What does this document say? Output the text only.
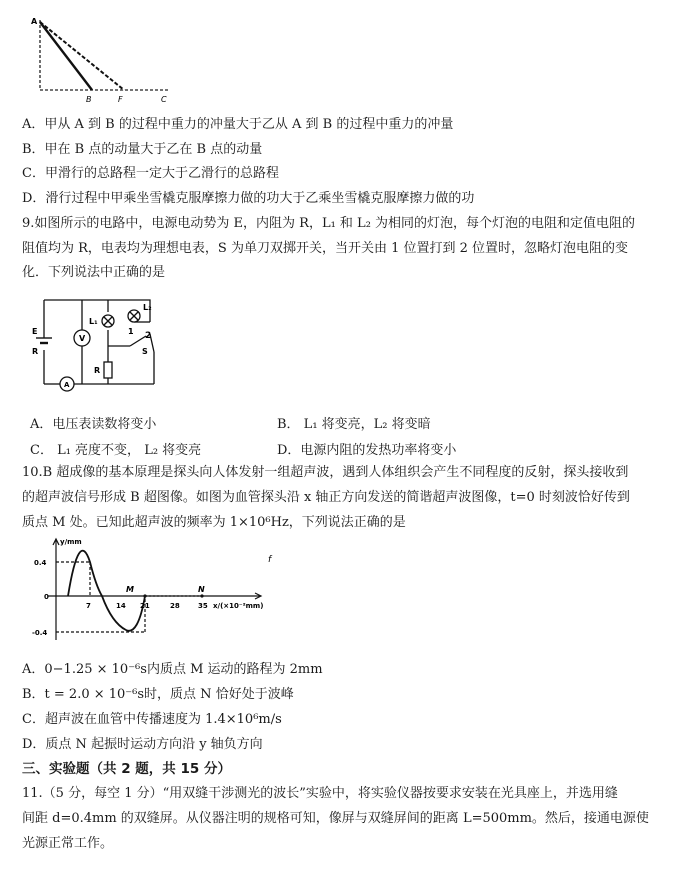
A
B	F	C
A．甲从 A 到 B 的过程中重力的冲量大于乙从 A 到 B 的过程中重力的冲量
B．甲在 B 点的动量大于乙在 B 点的动量
C．甲滑行的总路程一定大于乙滑行的总路程
D．滑行过程中甲乘坐雪橇克服摩擦力做的功大于乙乘坐雪橇克服摩擦力做的功
9.如图所示的电路中，电源电动势为 E，内阻为 R，L₁ 和 L₂ 为相同的灯泡，每个灯泡的电阻和定值电阻的
阻值均为 R，电表均为理想电表，S 为单刀双掷开关，当开关由 1 位置打到 2 位置时，忽略灯泡电阻的变
化．下列说法中正确的是
E
R
V
A
L₁
L₂
R
1 2
S
A．电压表读数将变小	B． L₁ 将变亮，L₂ 将变暗
C． L₁ 亮度不变， L₂ 将变亮	D．电源内阻的发热功率将变小
10.B 超成像的基本原理是探头向人体发射一组超声波，遇到人体组织会产生不同程度的反射，探头接收到
的超声波信号形成 B 超图像。如图为血管探头沿 x 轴正方向发送的简谐超声波图像，t=0 时刻波恰好传到
质点 M 处。已知此超声波的频率为 1×10⁶Hz，下列说法正确的是
y/mm
x/(×10⁻²mm)
0.4
0
-0.4
7	14 21	28	35
M	N
f
A．0−1.25 × 10⁻⁶s内质点 M 运动的路程为 2mm
B．t = 2.0 × 10⁻⁶s时，质点 N 恰好处于波峰
C．超声波在血管中传播速度为 1.4×10⁶m/s
D．质点 N 起振时运动方向沿 y 轴负方向
三、实验题（共 2 题，共 15 分）
11.（5 分，每空 1 分）“用双缝干涉测光的波长”实验中，将实验仪器按要求安装在光具座上，并选用缝
间距 d=0.4mm 的双缝屏。从仪器注明的规格可知，像屏与双缝屏间的距离 L=500mm。然后，接通电源使
光源正常工作。
